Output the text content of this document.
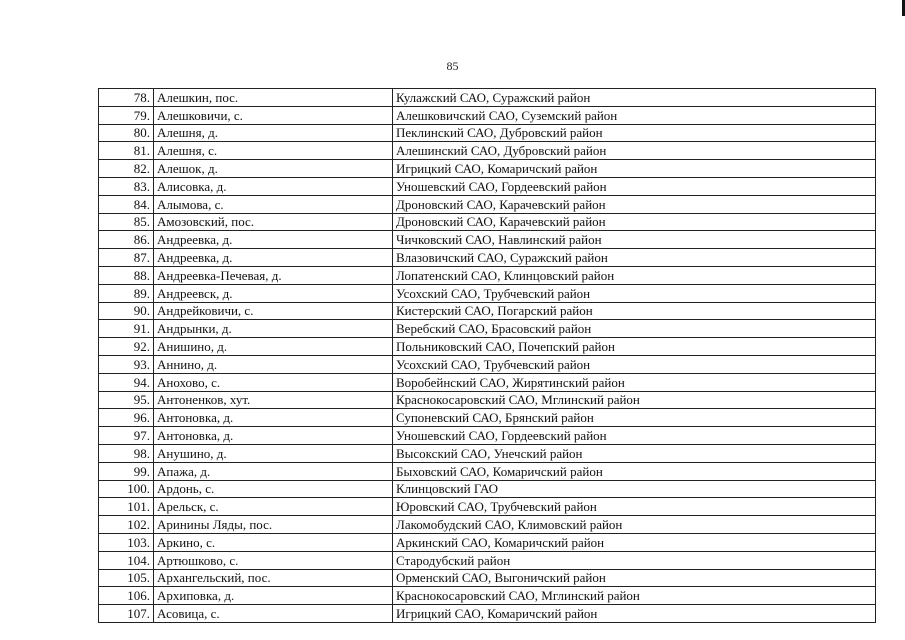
85
78.	Алешкин, пос.	Кулажский САО, Суражский район
79.	Алешковичи, с.	Алешковичский САО, Суземский район
80.	Алешня, д.	Пеклинский САО, Дубровский район
81.	Алешня, с.	Алешинский САО, Дубровский район
82.	Алешок, д.	Игрицкий САО, Комаричский район
83.	Алисовка, д.	Уношевский САО, Гордеевский район
84.	Алымова, с.	Дроновский САО, Карачевский район
85.	Амозовский, пос.	Дроновский САО, Карачевский район
86.	Андреевка, д.	Чичковский САО, Навлинский район
87.	Андреевка, д.	Влазовичский САО, Суражский район
88.	Андреевка-Печевая, д.	Лопатенский САО, Клинцовский район
89.	Андреевск, д.	Усохский САО, Трубчевский район
90.	Андрейковичи, с.	Кистерский САО, Погарский район
91.	Андрынки, д.	Веребский САО, Брасовский район
92.	Анишино, д.	Польниковский САО, Почепский район
93.	Аннино, д.	Усохский САО, Трубчевский район
94.	Анохово, с.	Воробейнский САО, Жирятинский район
95.	Антоненков, хут.	Краснокосаровский САО, Мглинский район
96.	Антоновка, д.	Супоневский САО, Брянский район
97.	Антоновка, д.	Уношевский САО, Гордеевский район
98.	Анушино, д.	Высокский САО, Унечский район
99.	Апажа, д.	Быховский САО, Комаричский район
100.	Ардонь, с.	Клинцовский ГАО
101.	Арельск, с.	Юровский САО, Трубчевский район
102.	Аринины Ляды, пос.	Лакомобудский САО, Климовский район
103.	Аркино, с.	Аркинский САО, Комаричский район
104.	Артюшково, с.	Стародубский район
105.	Архангельский, пос.	Орменский САО, Выгоничский район
106.	Архиповка, д.	Краснокосаровский САО, Мглинский район
107.	Асовица, с.	Игрицкий САО, Комаричский район
